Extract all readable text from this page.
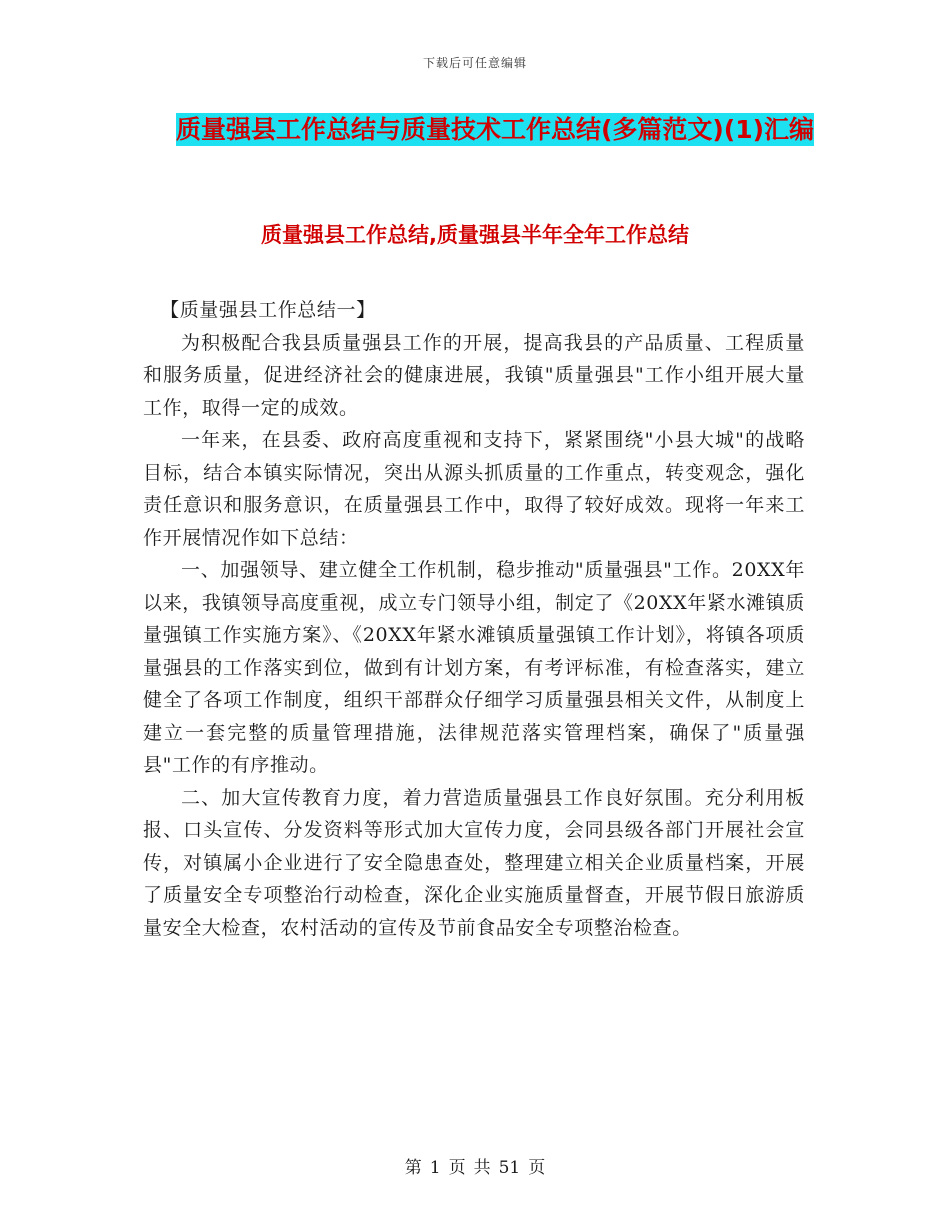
下载后可任意编辑
质量强县工作总结与质量技术工作总结(多篇范文)(1)汇编
质量强县工作总结,质量强县半年全年工作总结

【质量强县工作总结一】

为积极配合我县质量强县工作的开展，提高我县的产品质量、工程质量和服务质量，促进经济社会的健康进展，我镇"质量强县"工作小组开展大量工作，取得一定的成效。

一年来，在县委、政府高度重视和支持下，紧紧围绕"小县大城"的战略目标，结合本镇实际情况，突出从源头抓质量的工作重点，转变观念，强化责任意识和服务意识，在质量强县工作中，取得了较好成效。现将一年来工作开展情况作如下总结：

一、加强领导、建立健全工作机制，稳步推动"质量强县"工作。20XX年以来，我镇领导高度重视，成立专门领导小组，制定了《20XX年紧水滩镇质量强镇工作实施方案》、《20XX年紧水滩镇质量强镇工作计划》，将镇各项质量强县的工作落实到位，做到有计划方案，有考评标准，有检查落实，建立健全了各项工作制度，组织干部群众仔细学习质量强县相关文件，从制度上建立一套完整的质量管理措施，法律规范落实管理档案，确保了"质量强县"工作的有序推动。

二、加大宣传教育力度，着力营造质量强县工作良好氛围。充分利用板报、口头宣传、分发资料等形式加大宣传力度，会同县级各部门开展社会宣传，对镇属小企业进行了安全隐患查处，整理建立相关企业质量档案，开展了质量安全专项整治行动检查，深化企业实施质量督查，开展节假日旅游质量安全大检查，农村活动的宣传及节前食品安全专项整治检查。

第 1 页 共 51 页
